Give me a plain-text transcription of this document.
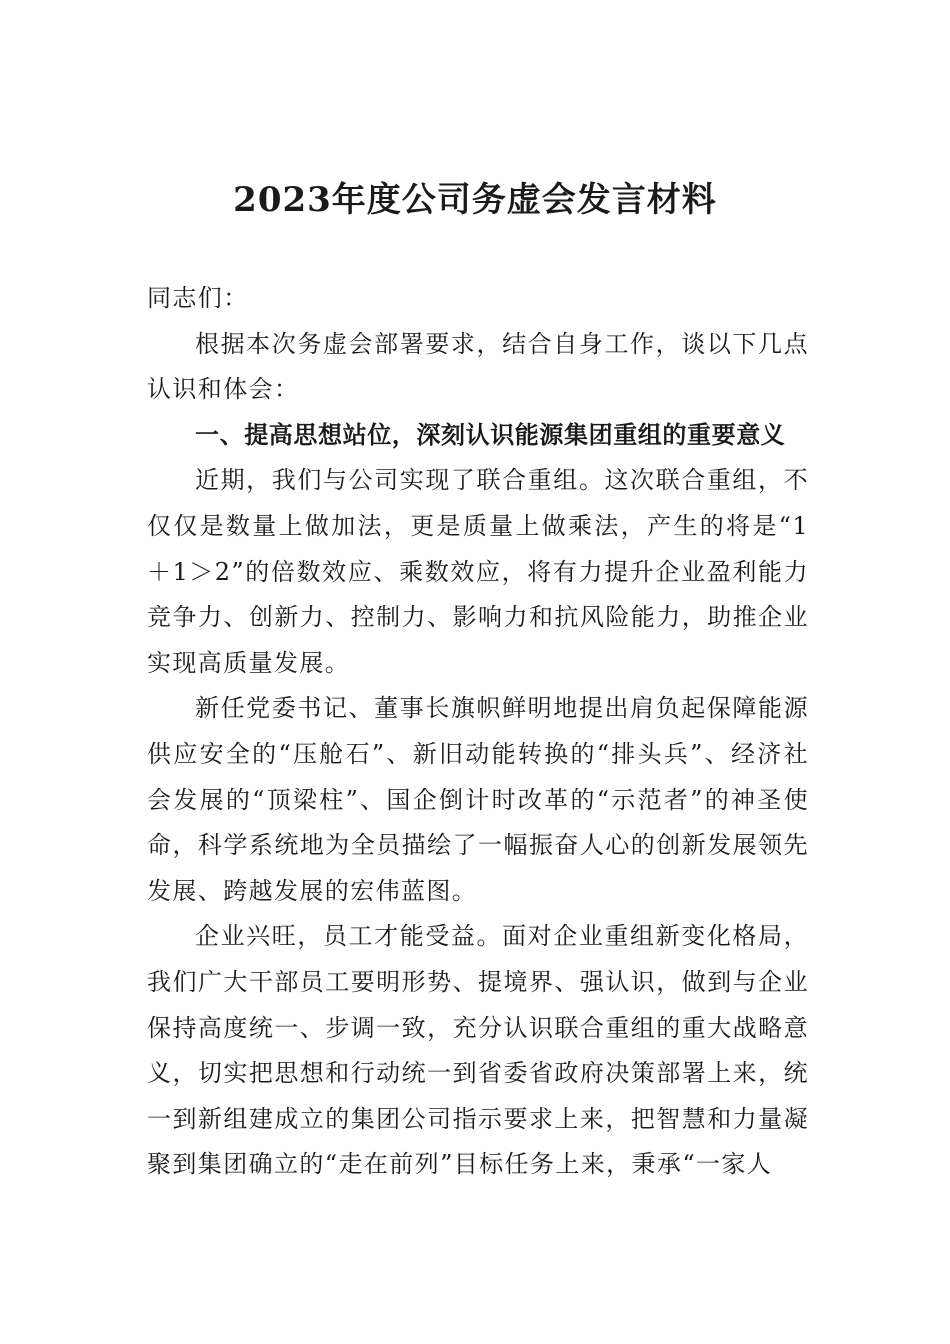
2023年度公司务虚会发言材料

同志们：

根据本次务虚会部署要求，结合自身工作，谈以下几点认识和体会：

一、提高思想站位，深刻认识能源集团重组的重要意义

近期，我们与公司实现了联合重组。这次联合重组，不仅仅是数量上做加法，更是质量上做乘法，产生的将是“1＋1＞2”的倍数效应、乘数效应，将有力提升企业盈利能力竞争力、创新力、控制力、影响力和抗风险能力，助推企业实现高质量发展。

新任党委书记、董事长旗帜鲜明地提出肩负起保障能源供应安全的“压舱石”、新旧动能转换的“排头兵”、经济社会发展的“顶梁柱”、国企倒计时改革的“示范者”的神圣使命，科学系统地为全员描绘了一幅振奋人心的创新发展领先发展、跨越发展的宏伟蓝图。

企业兴旺，员工才能受益。面对企业重组新变化格局，我们广大干部员工要明形势、提境界、强认识，做到与企业保持高度统一、步调一致，充分认识联合重组的重大战略意义，切实把思想和行动统一到省委省政府决策部署上来，统一到新组建成立的集团公司指示要求上来，把智慧和力量凝聚到集团确立的“走在前列”目标任务上来，秉承“一家人
